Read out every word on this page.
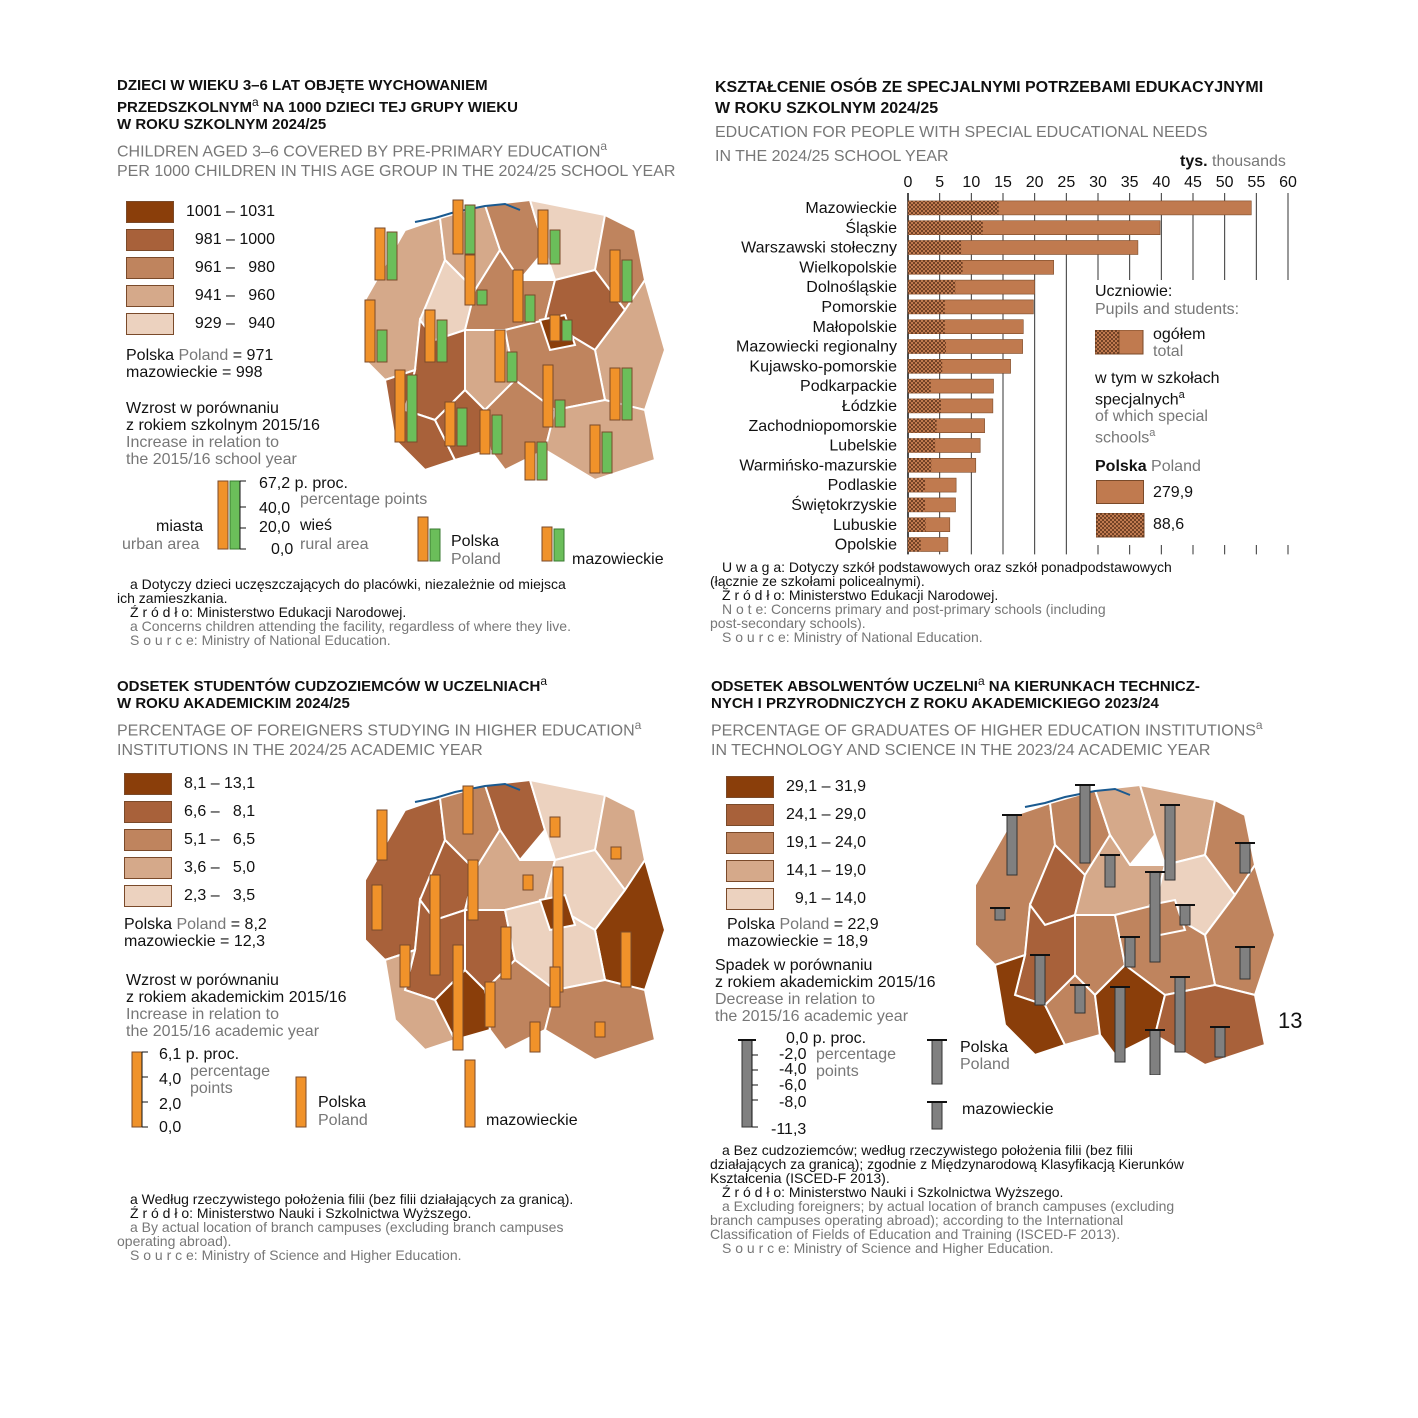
DZIECI W WIEKU 3–6 LAT OBJĘTE WYCHOWANIEM
PRZEDSZKOLNYM$^a$ NA 1000 DZIECI TEJ GRUPY WIEKU
W ROKU SZKOLNYM 2024/25
CHILDREN AGED 3–6 COVERED BY PRE-PRIMARY EDUCATION$^a$
PER 1000 CHILDREN IN THIS AGE GROUP IN THE 2024/25 SCHOOL YEAR
1001 – 1031
981 – 1000
961 –   980
941 –   960
929 –   940
Polska Poland = 971
mazowieckie = 998
Wzrost w porównaniu
z rokiem szkolnym 2015/16
Increase in relation to
the 2015/16 school year
67,2 p. proc.
40,0
percentage points
20,0 wieś
0,0 rural area
miasta
urban area	Polska
Poland	mazowieckie
a Dotyczy dzieci uczęszczających do placówki, niezależnie od miejsca
ich zamieszkania.
Ź r ó d ł o: Ministerstwo Edukacji Narodowej.
a Concerns children attending the facility, regardless of where they live.
S o u r c e: Ministry of National Education.
KSZTAŁCENIE OSÓB ZE SPECJALNYMI POTRZEBAMI EDUKACYJNYMI
W ROKU SZKOLNYM 2024/25
EDUCATION FOR PEOPLE WITH SPECIAL EDUCATIONAL NEEDS
IN THE 2024/25 SCHOOL YEAR	tys. thousands
0 5 10 15 20 25 30 35 40 45 50 55 60
Mazowieckie
Śląskie
Warszawski stołeczny
Wielkopolskie
Dolnośląskie
Pomorskie
Małopolskie
Mazowiecki regionalny
Kujawsko-pomorskie
Podkarpackie
Łódzkie
Zachodniopomorskie
Lubelskie
Warmińsko-mazurskie
Podlaskie
Świętokrzyskie
Lubuskie
Opolskie
Uczniowie:
Pupils and students:
ogółem
total
w tym w szkołach
specjalnych$^a$
of which special
schools$^a$
Polska Poland
279,9
88,6
U w a g a: Dotyczy szkół podstawowych oraz szkół ponadpodstawowych
(łącznie ze szkołami policealnymi).
Ź r ó d ł o: Ministerstwo Edukacji Narodowej.
N o t e: Concerns primary and post-primary schools (including
post-secondary schools).
S o u r c e: Ministry of National Education.
ODSETEK STUDENTÓW CUDZOZIEMCÓW W UCZELNIACH$^a$
W ROKU AKADEMICKIM 2024/25
PERCENTAGE OF FOREIGNERS STUDYING IN HIGHER EDUCATION$^a$
INSTITUTIONS IN THE 2024/25 ACADEMIC YEAR
8,1 – 13,1
6,6 –   8,1
5,1 –   6,5
3,6 –   5,0
2,3 –   3,5
Polska Poland = 8,2
mazowieckie = 12,3
Wzrost w porównaniu
z rokiem akademickim 2015/16
Increase in relation to
the 2015/16 academic year
6,1 p. proc.
4,0 percentage
points
2,0
0,0
Polska
Poland	mazowieckie
a Według rzeczywistego położenia filii (bez filii działających za granicą).
Ź r ó d ł o: Ministerstwo Nauki i Szkolnictwa Wyższego.
a By actual location of branch campuses (excluding branch campuses
operating abroad).
S o u r c e: Ministry of Science and Higher Education.
ODSETEK ABSOLWENTÓW UCZELNI$^a$ NA KIERUNKACH TECHNICZ-
NYCH I PRZYRODNICZYCH Z ROKU AKADEMICKIEGO 2023/24
PERCENTAGE OF GRADUATES OF HIGHER EDUCATION INSTITUTIONS$^a$
IN TECHNOLOGY AND SCIENCE IN THE 2023/24 ACADEMIC YEAR
29,1 – 31,9
24,1 – 29,0
19,1 – 24,0
14,1 – 19,0
9,1 – 14,0
Polska Poland = 22,9
mazowieckie = 18,9
Spadek w porównaniu
z rokiem akademickim 2015/16
Decrease in relation to
the 2015/16 academic year
0,0 p. proc.
-2,0 percentage
points
-4,0
-6,0
-8,0
-11,3
Polska
Poland
mazowieckie
a Bez cudzoziemców; według rzeczywistego położenia filii (bez filii
działających za granicą); zgodnie z Międzynarodową Klasyfikacją Kierunków
Kształcenia (ISCED-F 2013).
Ź r ó d ł o: Ministerstwo Nauki i Szkolnictwa Wyższego.
a Excluding foreigners; by actual location of branch campuses (excluding
branch campuses operating abroad); according to the International
Classification of Fields of Education and Training (ISCED-F 2013).
S o u r c e: Ministry of Science and Higher Education.
13
